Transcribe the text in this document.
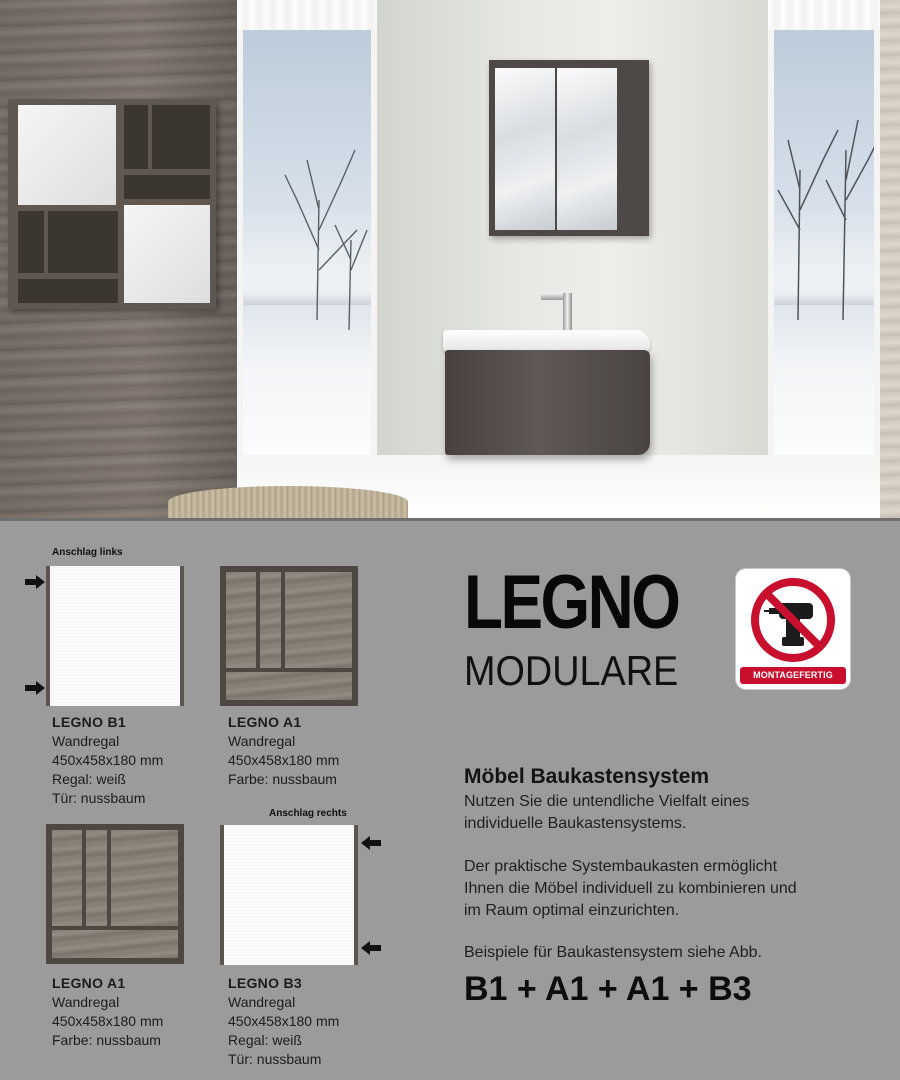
Anschlag links
LEGNO B1
Wandregal
450x458x180 mm
Regal: weiß
Tür: nussbaum
LEGNO A1
Wandregal
450x458x180 mm
Farbe: nussbaum
LEGNO A1
Wandregal
450x458x180 mm
Farbe: nussbaum
Anschlag rechts
LEGNO B3
Wandregal
450x458x180 mm
Regal: weiß
Tür: nussbaum
LEGNO
MODULARE	MONTAGEFERTIG
Möbel Baukastensystem
Nutzen Sie die untendliche Vielfalt eines
individuelle Baukastensystems.
Der praktische Systembaukasten ermöglicht
Ihnen die Möbel individuell zu kombinieren und
im Raum optimal einzurichten.
Beispiele für Baukastensystem siehe Abb.
B1 + A1 + A1 + B3
